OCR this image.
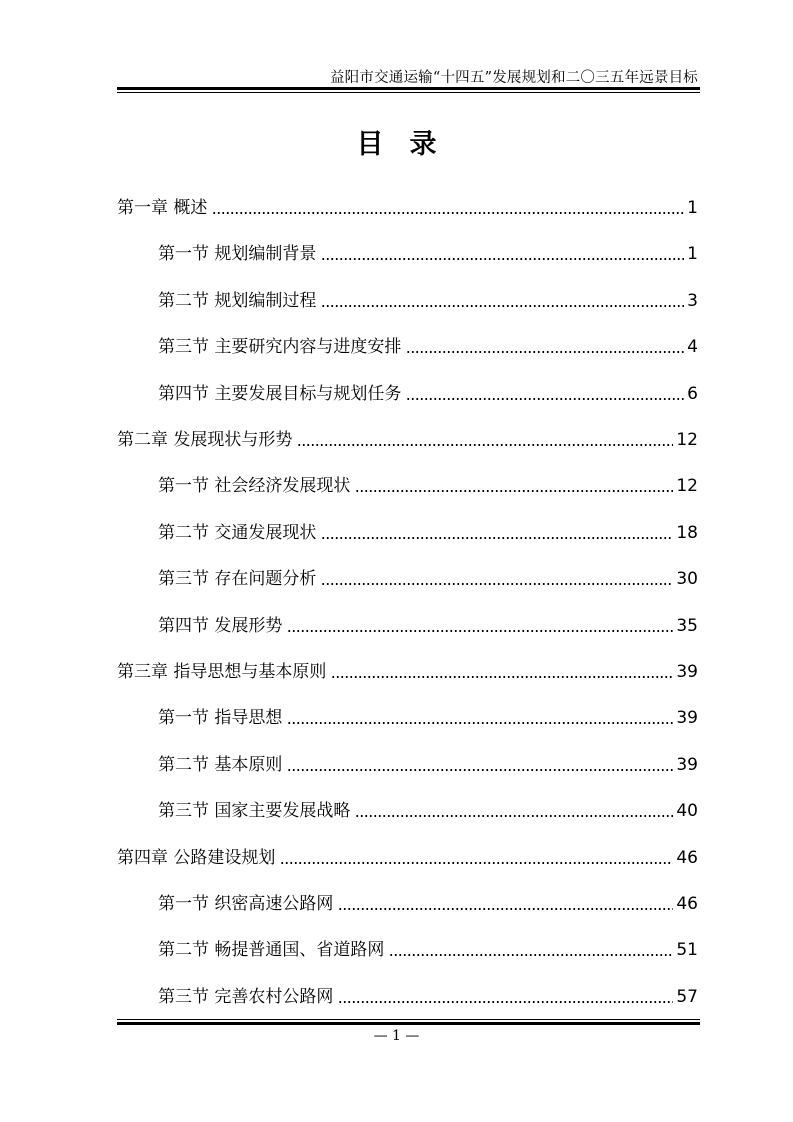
益阳市交通运输“十四五”发展规划和二〇三五年远景目标
目录
第一章 概述	1
第一节 规划编制背景	1
第二节 规划编制过程	3
第三节 主要研究内容与进度安排	4
第四节 主要发展目标与规划任务	6
第二章 发展现状与形势	12
第一节 社会经济发展现状	12
第二节 交通发展现状	18
第三节 存在问题分析	30
第四节 发展形势	35
第三章 指导思想与基本原则	39
第一节 指导思想	39
第二节 基本原则	39
第三节 国家主要发展战略	40
第四章 公路建设规划	46
第一节 织密高速公路网	46
第二节 畅提普通国、省道路网	51
第三节 完善农村公路网	57
— 1 —
